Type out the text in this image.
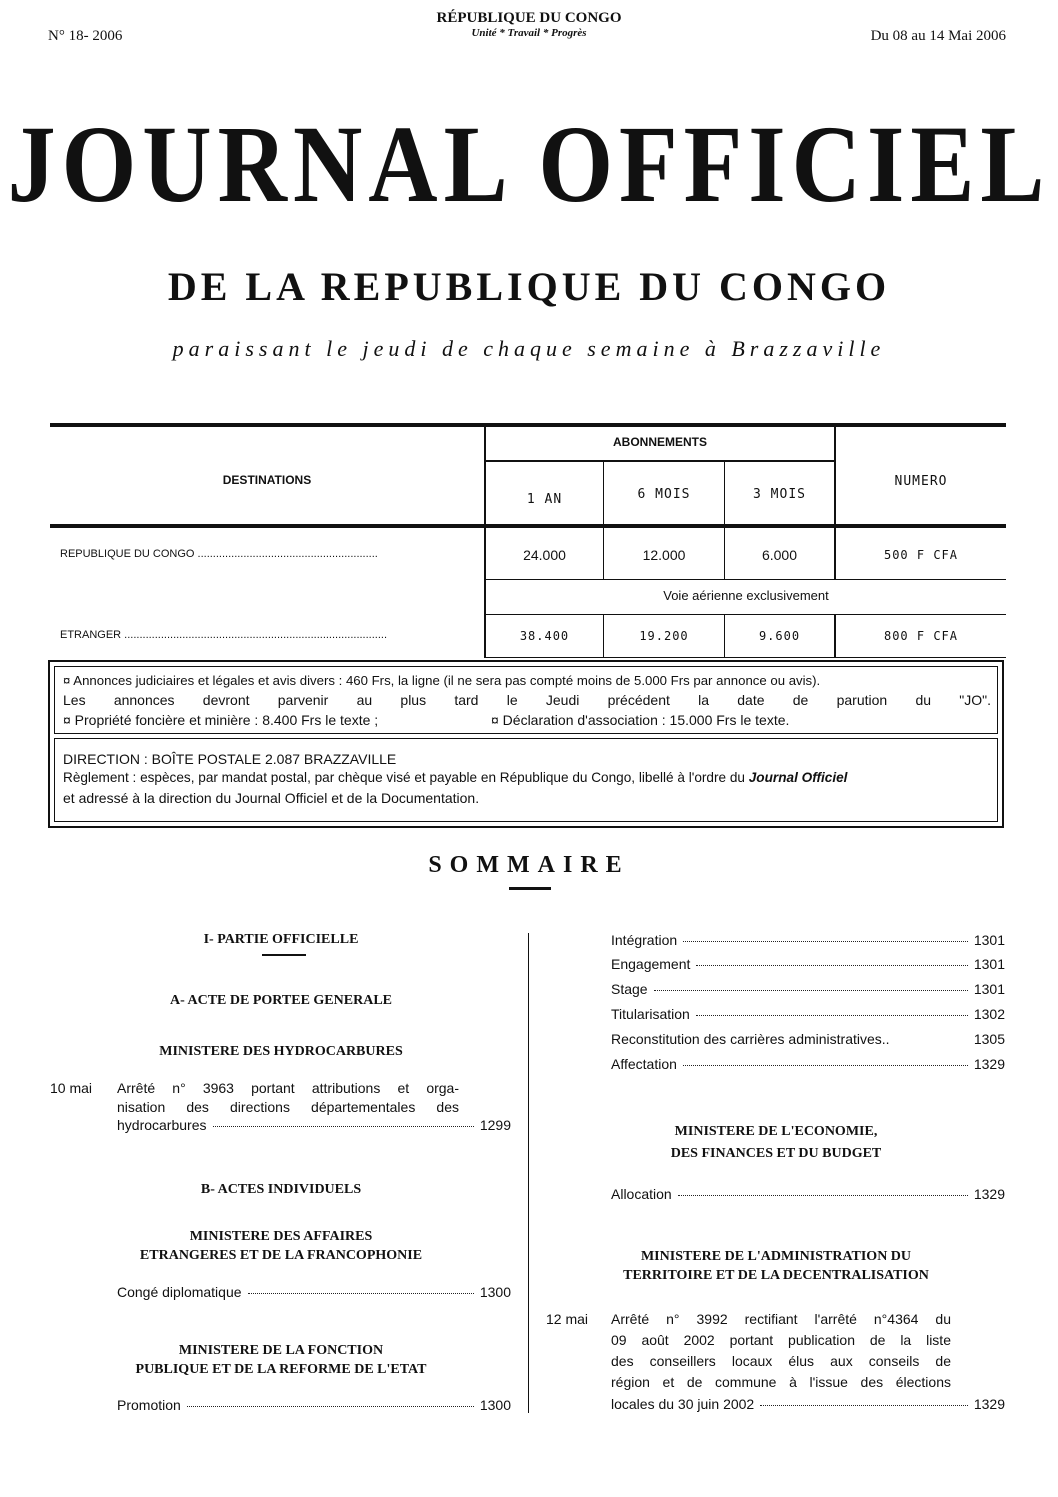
N° 18- 2006
RÉPUBLIQUE DU CONGO
Unité * Travail * Progrès	Du 08 au 14 Mai 2006
JOURNAL OFFICIEL
DE LA REPUBLIQUE DU CONGO
paraissant le jeudi de chaque semaine à Brazzaville
DESTINATIONS
ABONNEMENTS
1 AN	6 MOIS	3 MOIS
NUMERO
REPUBLIQUE DU CONGO ...........................................................	24.000	12.000	6.000	500 F CFA
Voie aérienne exclusivement
ETRANGER ......................................................................................	38.400	19.200	9.600	800 F CFA
¤ Annonces judiciaires et légales et avis divers : 460 Frs, la ligne (il ne sera pas compté moins de 5.000 Frs par annonce ou avis).
Les annonces devront parvenir au plus tard le Jeudi précédent la date de parution du "JO".
¤ Propriété foncière et minière : 8.400 Frs le texte ;	¤ Déclaration d'association : 15.000 Frs le texte.
DIRECTION : BOÎTE POSTALE 2.087 BRAZZAVILLE
Règlement : espèces, par mandat postal, par chèque visé et payable en République du Congo, libellé à l'ordre du Journal Officiel
et adressé à la direction du Journal Officiel et de la Documentation.
SOMMAIRE
I- PARTIE OFFICIELLE
A- ACTE DE PORTEE GENERALE
MINISTERE DES HYDROCARBURES
10 mai Arrêté n° 3963 portant attributions et orga-
nisation des directions départementales des
hydrocarbures	1299
B- ACTES INDIVIDUELS
MINISTERE DES AFFAIRES
ETRANGERES ET DE LA FRANCOPHONIE
Congé diplomatique	1300
MINISTERE DE LA FONCTION
PUBLIQUE ET DE LA REFORME DE L'ETAT
Promotion	1300
Intégration	1301
Engagement	1301
Stage	1301
Titularisation	1302
Reconstitution des carrières administratives..	1305
Affectation	1329
MINISTERE DE L'ECONOMIE,
DES FINANCES ET DU BUDGET
Allocation	1329
MINISTERE DE L'ADMINISTRATION DU
TERRITOIRE ET DE LA DECENTRALISATION
12 mai Arrêté n° 3992 rectifiant l'arrêté n°4364 du
09 août 2002 portant publication de la liste
des conseillers locaux élus aux conseils de
région et de commune à l'issue des élections
locales du 30 juin 2002	1329
